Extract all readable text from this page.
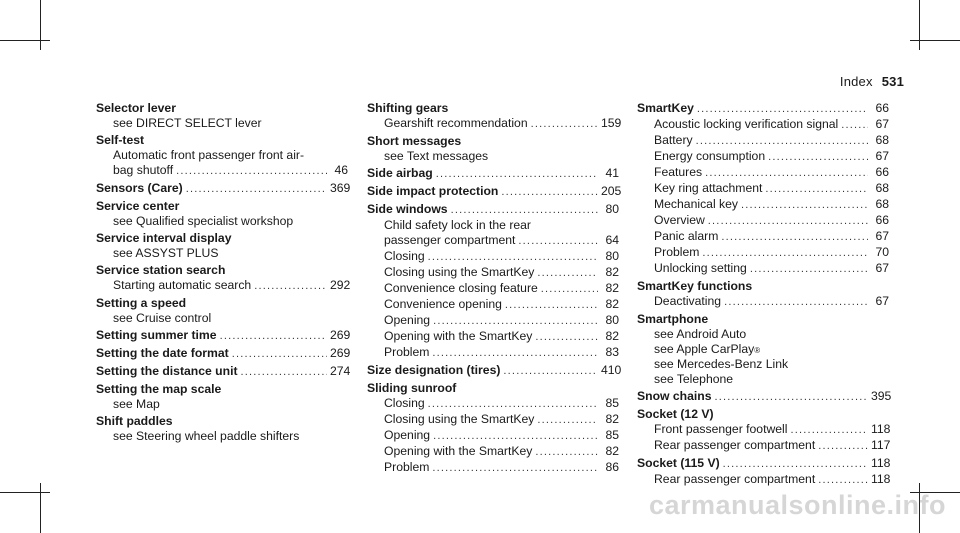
Index 531
Selector lever
see DIRECT SELECT lever
Self-test
Automatic front passenger front air-
bag shutoff .....	46
Sensors (Care) .....	369
Service center
see Qualified specialist workshop
Service interval display
see ASSYST PLUS
Service station search
Starting automatic search .....	292
Setting a speed
see Cruise control
Setting summer time .....	269
Setting the date format .....	269
Setting the distance unit .....	274
Setting the map scale
see Map
Shift paddles
see Steering wheel paddle shifters
Shifting gears
Gearshift recommendation .....	159
Short messages
see Text messages
Side airbag .....	41
Side impact protection .....	205
Side windows .....	80
Child safety lock in the rear
passenger compartment .....	64
Closing .....	80
Closing using the SmartKey .....	82
Convenience closing feature .....	82
Convenience opening .....	82
Opening .....	80
Opening with the SmartKey .....	82
Problem .....	83
Size designation (tires) .....	410
Sliding sunroof
Closing .....	85
Closing using the SmartKey .....	82
Opening .....	85
Opening with the SmartKey .....	82
Problem .....	86
SmartKey .....	66
Acoustic locking verification signal .....	67
Battery .....	68
Energy consumption .....	67
Features .....	66
Key ring attachment .....	68
Mechanical key .....	68
Overview .....	66
Panic alarm .....	67
Problem .....	70
Unlocking setting .....	67
SmartKey functions
Deactivating .....	67
Smartphone
see Android Auto
see Apple CarPlay ®
see Mercedes-Benz Link
see Telephone
Snow chains .....	395
Socket (12 V)
Front passenger footwell .....	118
Rear passenger compartment .....	117
Socket (115 V) .....	118
Rear passenger compartment .....	118
carmanualsonline.info
